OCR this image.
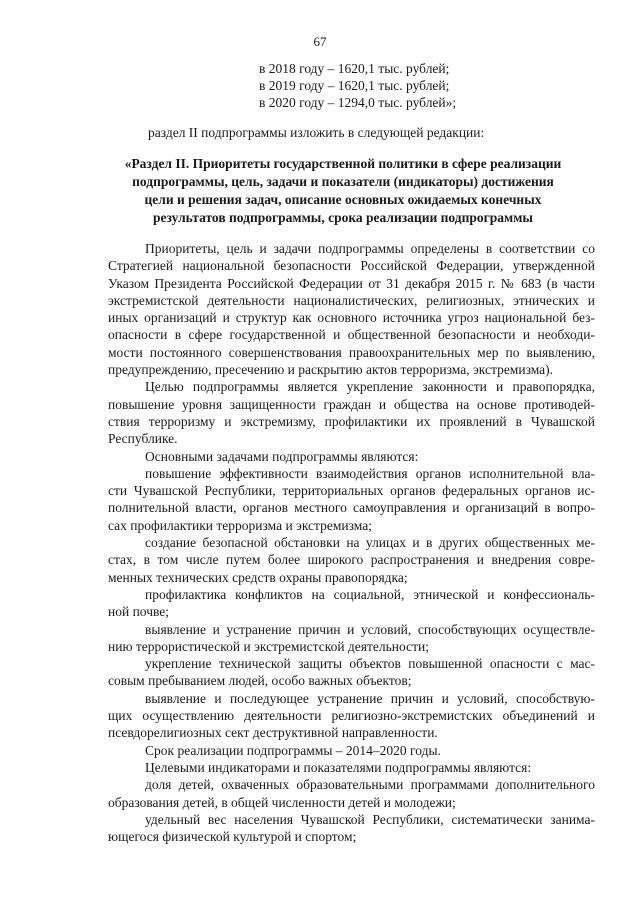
67
в 2018 году – 1620,1 тыс. рублей;
в 2019 году – 1620,1 тыс. рублей;
в 2020 году – 1294,0 тыс. рублей»;
раздел II подпрограммы изложить в следующей редакции:
«Раздел II. Приоритеты государственной политики в сфере реализации
подпрограммы, цель, задачи и показатели (индикаторы) достижения
цели и решения задач, описание основных ожидаемых конечных
результатов подпрограммы, срока реализации подпрограммы
Приоритеты, цель и задачи подпрограммы определены в соответствии со
Стратегией национальной безопасности Российской Федерации, утвержденной
Указом Президента Российской Федерации от 31 декабря 2015 г. № 683 (в части
экстремистской деятельности националистических, религиозных, этнических и
иных организаций и структур как основного источника угроз национальной без-
опасности в сфере государственной и общественной безопасности и необходи-
мости постоянного совершенствования правоохранительных мер по выявлению,
предупреждению, пресечению и раскрытию актов терроризма, экстремизма).
Целью подпрограммы является укрепление законности и правопорядка,
повышение уровня защищенности граждан и общества на основе противодей-
ствия терроризму и экстремизму, профилактики их проявлений в Чувашской
Республике.
Основными задачами подпрограммы являются:
повышение эффективности взаимодействия органов исполнительной вла-
сти Чувашской Республики, территориальных органов федеральных органов ис-
полнительной власти, органов местного самоуправления и организаций в вопро-
сах профилактики терроризма и экстремизма;
создание безопасной обстановки на улицах и в других общественных ме-
стах, в том числе путем более широкого распространения и внедрения совре-
менных технических средств охраны правопорядка;
профилактика конфликтов на социальной, этнической и конфессиональ-
ной почве;
выявление и устранение причин и условий, способствующих осуществле-
нию террористической и экстремистской деятельности;
укрепление технической защиты объектов повышенной опасности с мас-
совым пребыванием людей, особо важных объектов;
выявление и последующее устранение причин и условий, способствую-
щих осуществлению деятельности религиозно-экстремистских объединений и
псевдорелигиозных сект деструктивной направленности.
Срок реализации подпрограммы – 2014–2020 годы.
Целевыми индикаторами и показателями подпрограммы являются:
доля детей, охваченных образовательными программами дополнительного
образования детей, в общей численности детей и молодежи;
удельный вес населения Чувашской Республики, систематически занима-
ющегося физической культурой и спортом;
